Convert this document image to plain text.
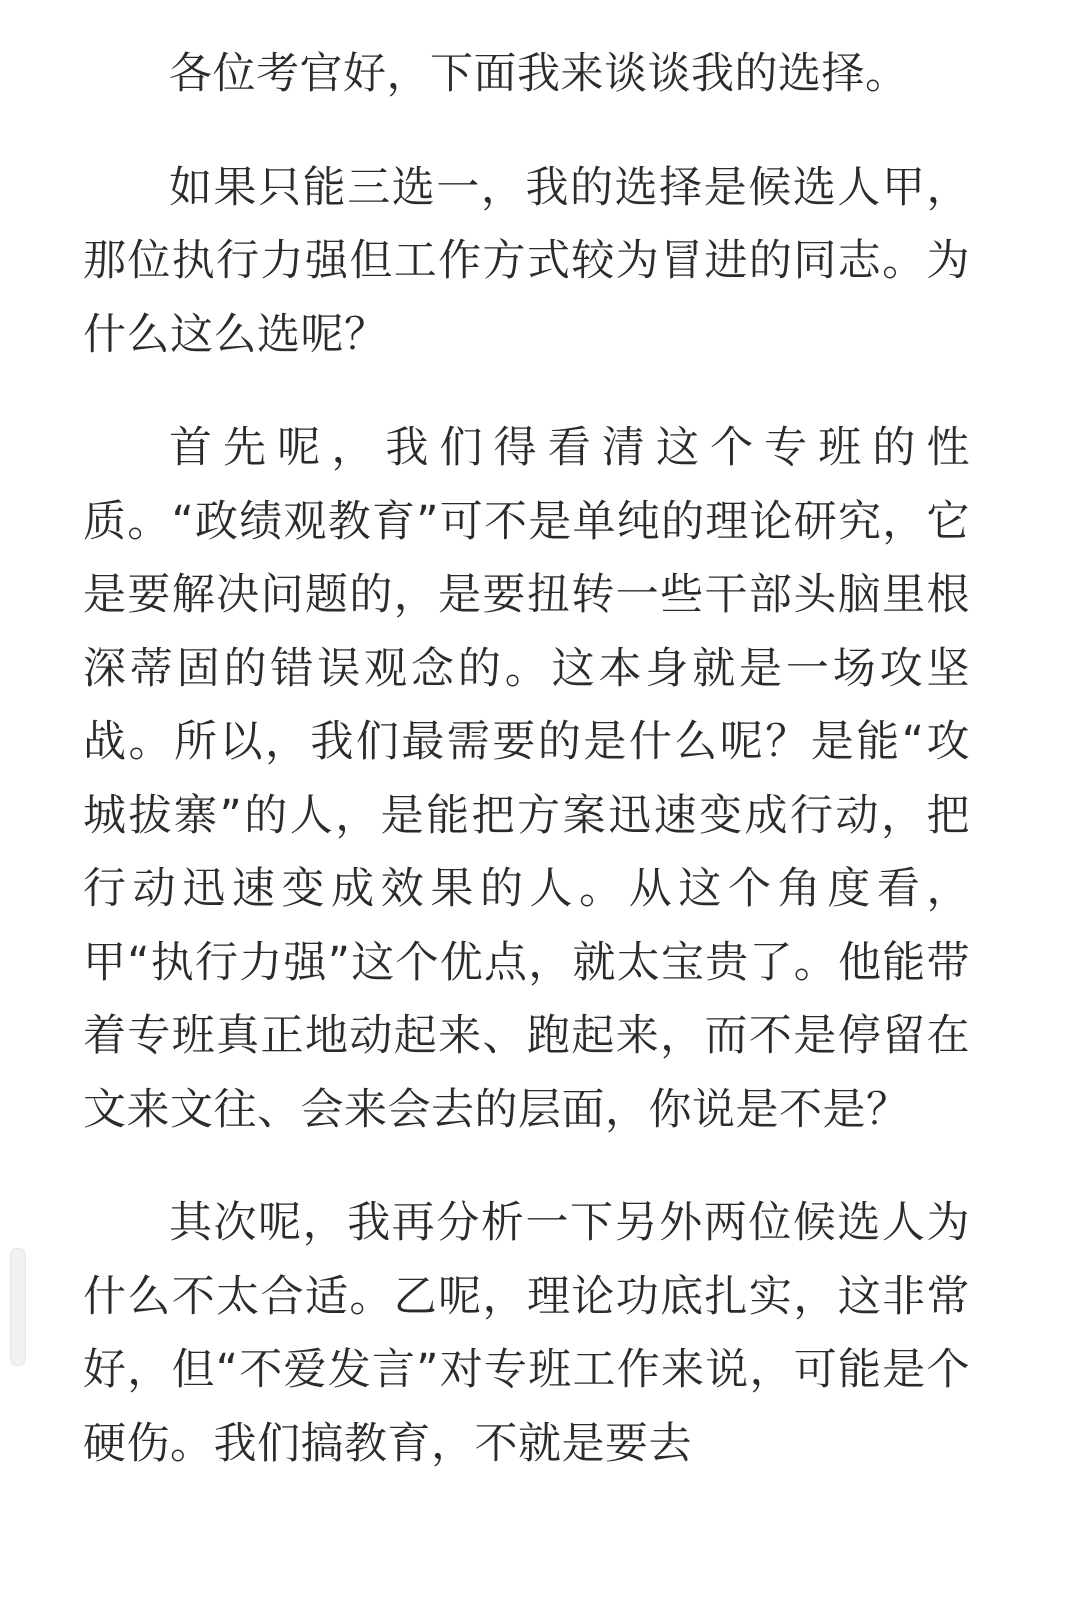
各位考官好，下面我来谈谈我的选择。

如果只能三选一，我的选择是候选人甲，那位执行力强但工作方式较为冒进的同志。为什么这么选呢？

首先呢，我们得看清这个专班的性质。“政绩观教育”可不是单纯的理论研究，它是要解决问题的，是要扭转一些干部头脑里根深蒂固的错误观念的。这本身就是一场攻坚战。所以，我们最需要的是什么呢？是能“攻城拔寨”的人，是能把方案迅速变成行动，把行动迅速变成效果的人。从这个角度看，甲“执行力强”这个优点，就太宝贵了。他能带着专班真正地动起来、跑起来，而不是停留在文来文往、会来会去的层面，你说是不是？

其次呢，我再分析一下另外两位候选人为什么不太合适。乙呢，理论功底扎实，这非常好，但“不爱发言”对专班工作来说，可能是个硬伤。我们搞教育，不就是要去
